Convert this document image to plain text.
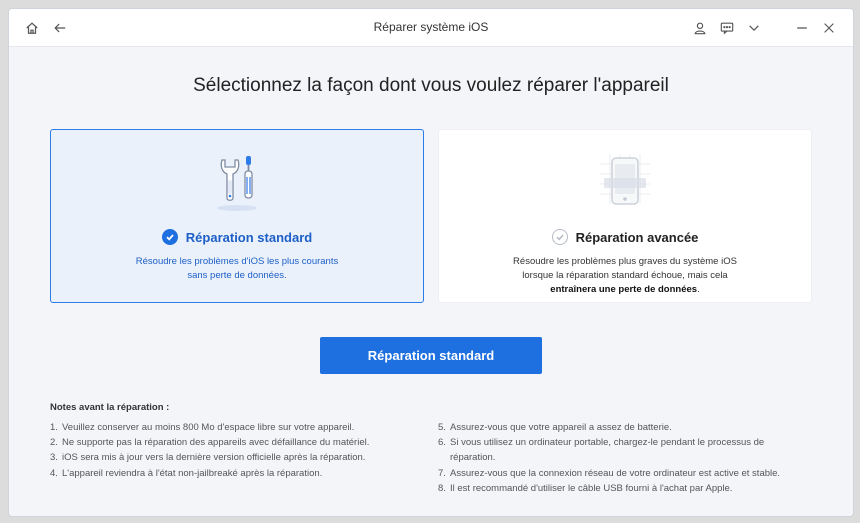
Réparer système iOS
Sélectionnez la façon dont vous voulez réparer l'appareil
Réparation standard
Résoudre les problèmes d'iOS les plus courants
sans perte de données.
Réparation avancée
Résoudre les problèmes plus graves du système iOS
lorsque la réparation standard échoue, mais cela
entraînera une perte de données.
Réparation standard
Notes avant la réparation :
1. Veuillez conserver au moins 800 Mo d'espace libre sur votre appareil.
2. Ne supporte pas la réparation des appareils avec défaillance du matériel.
3. iOS sera mis à jour vers la dernière version officielle après la réparation.
4. L'appareil reviendra à l'état non-jailbreaké après la réparation.
5. Assurez-vous que votre appareil a assez de batterie.
6. Si vous utilisez un ordinateur portable, chargez-le pendant le processus de réparation.
7. Assurez-vous que la connexion réseau de votre ordinateur est active et stable.
8. Il est recommandé d'utiliser le câble USB fourni à l'achat par Apple.
